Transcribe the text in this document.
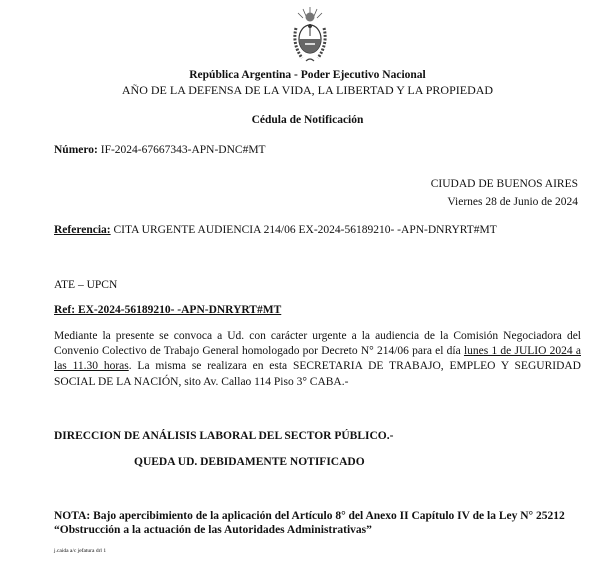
República Argentina - Poder Ejecutivo Nacional
AÑO DE LA DEFENSA DE LA VIDA, LA LIBERTAD Y LA PROPIEDAD
Cédula de Notificación
Número: IF-2024-67667343-APN-DNC#MT
CIUDAD DE BUENOS AIRES
Viernes 28 de Junio de 2024
Referencia: CITA URGENTE AUDIENCIA 214/06 EX-2024-56189210- -APN-DNRYRT#MT
ATE – UPCN
Ref: EX-2024-56189210- -APN-DNRYRT#MT
Mediante la presente se convoca a Ud. con carácter urgente a la audiencia de la Comisión Negociadora del Convenio Colectivo de Trabajo General homologado por Decreto N° 214/06 para el día lunes 1 de JULIO 2024 a las 11.30 horas. La misma se realizara en esta SECRETARIA DE TRABAJO, EMPLEO Y SEGURIDAD SOCIAL DE LA NACIÓN, sito Av. Callao 114 Piso 3° CABA.-
DIRECCION DE ANÁLISIS LABORAL DEL SECTOR PÚBLICO.-
QUEDA UD. DEBIDAMENTE NOTIFICADO
NOTA: Bajo apercibimiento de la aplicación del Artículo 8° del Anexo II Capítulo IV de la Ley N° 25212 “Obstrucción a la actuación de las Autoridades Administrativas”
j.caida a/c jefatura drl 1
